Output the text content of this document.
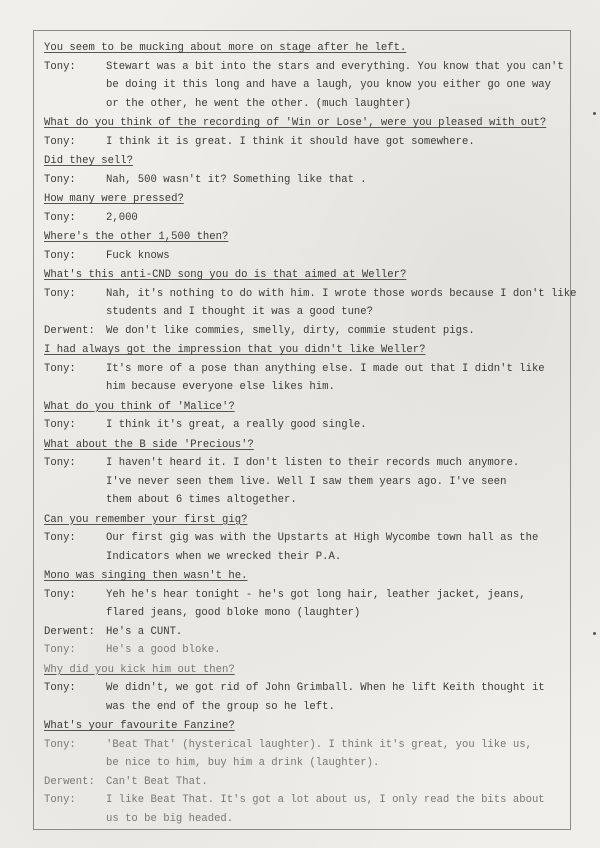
You seem to be mucking about more on stage after he left.
Tony:	Stewart was a bit into the stars and everything. You know that you can't
be doing it this long and have a laugh, you know you either go one way
or the other, he went the other. (much laughter)
What do you think of the recording of 'Win or Lose', were you pleased with out?
Tony:	I think it is great. I think it should have got somewhere.
Did they sell?
Tony:	Nah, 500 wasn't it? Something like that .
How many were pressed?
Tony:	2,000
Where's the other 1,500 then?
Tony:	Fuck knows
What's this anti-CND song you do is that aimed at Weller?
Tony:	Nah, it's nothing to do with him. I wrote those words because I don't like
students and I thought it was a good tune?
Derwent:	We don't like commies, smelly, dirty, commie student pigs.
I had always got the impression that you didn't like Weller?
Tony:	It's more of a pose than anything else. I made out that I didn't like
him because everyone else likes him.
What do you think of 'Malice'?
Tony:	I think it's great, a really good single.
What about the B side 'Precious'?
Tony:	I haven't heard it. I don't listen to their records much anymore.
I've never seen them live. Well I saw them years ago. I've seen
them about 6 times altogether.
Can you remember your first gig?
Tony:	Our first gig was with the Upstarts at High Wycombe town hall as the
Indicators when we wrecked their P.A.
Mono was singing then wasn't he.
Tony:	Yeh he's hear tonight - he's got long hair, leather jacket, jeans,
flared jeans, good bloke mono (laughter)
Derwent:	He's a CUNT.
Tony:	He's a good bloke.
Why did you kick him out then?
Tony:	We didn't, we got rid of John Grimball. When he lift Keith thought it
was the end of the group so he left.
What's your favourite Fanzine?
Tony:	'Beat That' (hysterical laughter). I think it's great, you like us,
be nice to him, buy him a drink (laughter).
Derwent:	Can't Beat That.
Tony:	I like Beat That. It's got a lot about us, I only read the bits about
us to be big headed.
